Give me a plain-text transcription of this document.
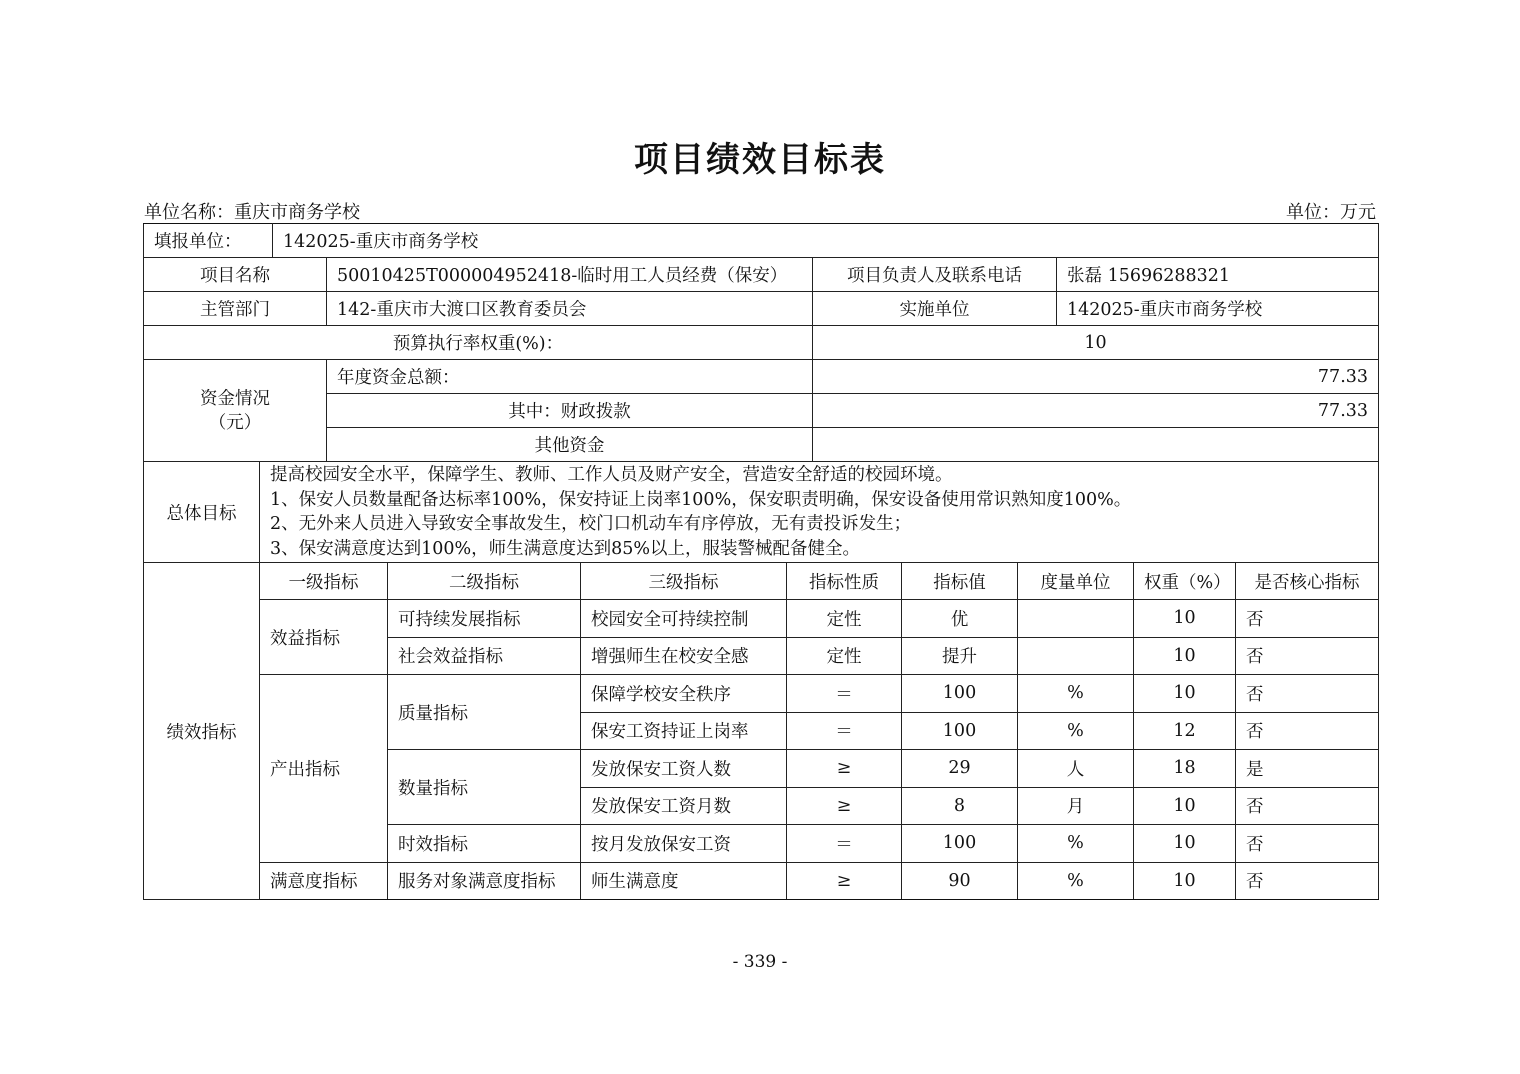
项目绩效目标表
单位名称：重庆市商务学校	单位：万元
填报单位：		142025-重庆市商务学校			
项目名称			50010425T000004952418-临时用工人员经费（保安）	项目负责人及联系电话	张磊 15696288321
主管部门			142-重庆市大渡口区教育委员会	实施单位	142025-重庆市商务学校
预算执行率权重(%)：				10	
资金情况
（元）			年度资金总额：	77.33	
			其中：财政拨款	77.33	
			其他资金		
总体目标	提高校园安全水平，保障学生、教师、工作人员及财产安全，营造安全舒适的校园环境。
1、保安人员数量配备达标率100%，保安持证上岗率100%，保安职责明确，保安设备使用常识熟知度100%。
2、无外来人员进入导致安全事故发生，校门口机动车有序停放，无有责投诉发生；
3、保安满意度达到100%，师生满意度达到85%以上，服装警械配备健全。				
绩效指标	一级指标	二级指标	三级指标	指标性质	指标值	度量单位	权重（%）	是否核心指标
	效益指标	可持续发展指标	校园安全可持续控制	定性	优		10	否
		社会效益指标	增强师生在校安全感	定性	提升		10	否
	产出指标	质量指标	保障学校安全秩序	＝	100	%	10	否
			保安工资持证上岗率	＝	100	%	12	否
		数量指标	发放保安工资人数	≥	29	人	18	是
			发放保安工资月数	≥	8	月	10	否
		时效指标	按月发放保安工资	＝	100	%	10	否
	满意度指标	服务对象满意度指标	师生满意度	≥	90	%	10	否
- 339 -
